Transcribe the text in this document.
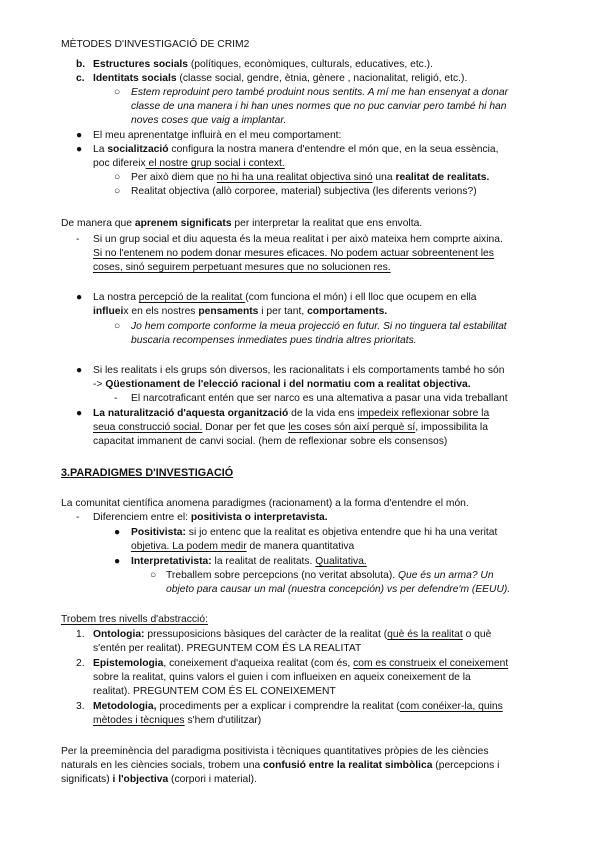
MÈTODES D'INVESTIGACIÓ DE CRIM2
b. Estructures socials (polítiques, econòmiques, culturals, educatives, etc.).
c. Identitats socials (classe social, gendre, ètnia, gènere , nacionalitat, religió, etc.).
○ Estem reproduint pero també produint nous sentits. A mí me han ensenyat a donar
classe de una manera i hi han unes normes que no puc canviar pero també hi han
noves coses que vaig a implantar.
● El meu aprenentatge influirà en el meu comportament:
● La socialització configura la nostra manera d'entendre el món que, en la seua essència,
poc difereix el nostre grup social i context.
○ Per això diem que no hi ha una realitat objectiva sinó una realitat de realitats.
○ Realitat objectiva (allò corporee, material) subjectiva (les diferents verions?)
De manera que aprenem significats per interpretar la realitat que ens envolta.
- Si un grup social et diu aquesta és la meua realitat i per això mateixa hem comprte aixina.
Si no l'entenem no podem donar mesures eficaces. No podem actuar sobreentenent les
coses, sinó seguirem perpetuant mesures que no solucionen res.
● La nostra percepció de la realitat (com funciona el món) i ell lloc que ocupem en ella
influeix en els nostres pensaments i per tant, comportaments.
○ Jo hem comporte conforme la meua projecció en futur. Si no tinguera tal estabilitat
buscaria recompenses inmediates pues tindria altres prioritats.
● Si les realitats i els grups són diversos, les racionalitats i els comportaments també ho són
-> Qüestionament de l'elecció racional i del normatiu com a realitat objectiva.
- El narcotraficant entén que ser narco es una altemativa a pasar una vida treballant
● La naturalització d'aquesta organització de la vida ens impedeix reflexionar sobre la
seua construcció social. Donar per fet que les coses són així perquè sí, impossibilita la
capacitat immanent de canvi social. (hem de reflexionar sobre els consensos)
3.PARADIGMES D'INVESTIGACIÓ
La comunitat científica anomena paradigmes (racionament) a la forma d'entendre el món.
- Diferenciem entre el: positivista o interpretavista.
● Positivista: si jo entenc que la realitat es objetiva entendre que hi ha una veritat
objetiva. La podem medir de manera quantitativa
● Interpretativista: la realitat de realitats. Qualitativa.
○ Treballem sobre percepcions (no veritat absoluta). Que és un arma? Un
objeto para causar un mal (nuestra concepción) vs per defendre'm (EEUU).
Trobem tres nivells d'abstracció:
1. Ontologia: pressuposicions bàsiques del caràcter de la realitat (què és la realitat o què
s'entén per realitat). PREGUNTEM COM ÉS LA REALITAT
2. Epistemologia, coneixement d'aqueixa realitat (com és, com es construeix el coneixement
sobre la realitat, quins valors el guien i com influeixen en aqueix coneixement de la
realitat). PREGUNTEM COM ÉS EL CONEIXEMENT
3. Metodologia, procediments per a explicar i comprendre la realitat (com conéixer-la, quins
mètodes i tècniques s'hem d'utilitzar)
Per la preeminència del paradigma positivista i tècniques quantitatives pròpies de les ciències
naturals en les ciències socials, trobem una confusió entre la realitat simbòlica (percepcions i
significats) i l'objectiva (corpori i material).
